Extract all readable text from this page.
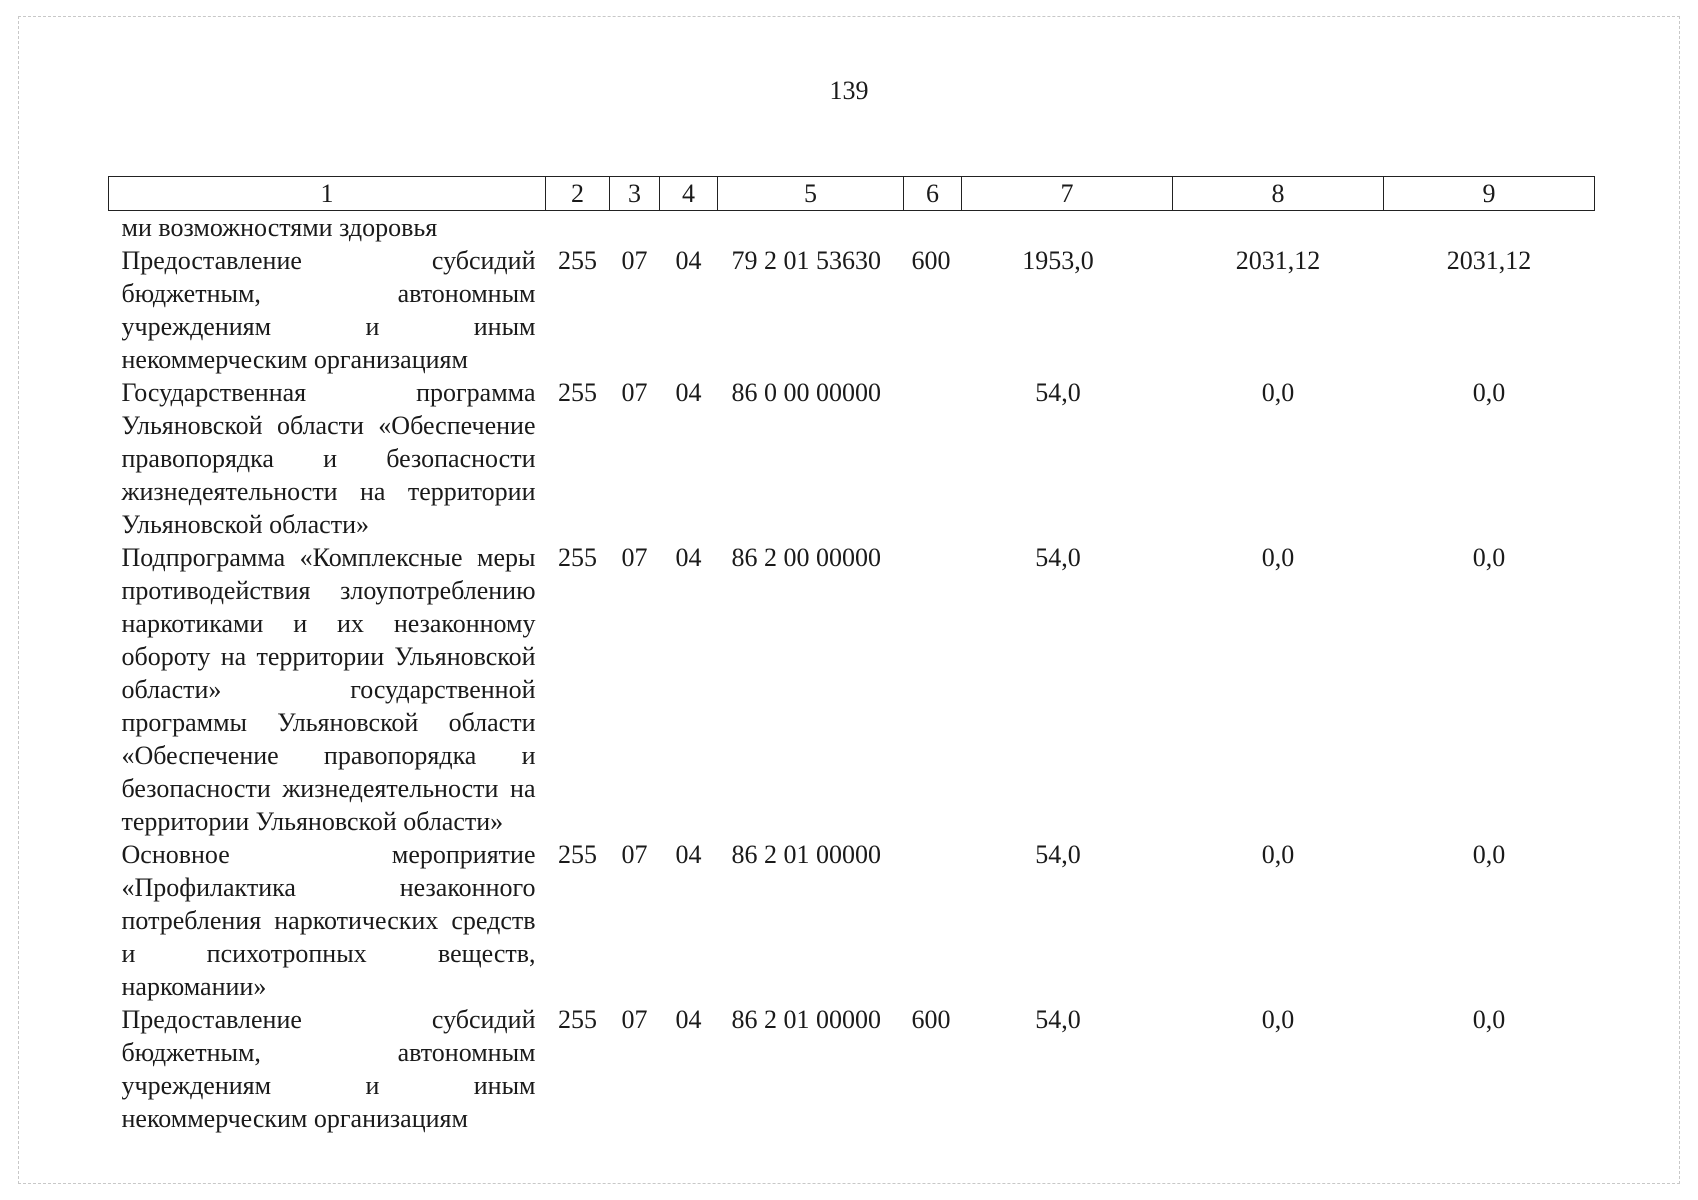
139
1	2	3	4	5	6	7	8	9
ми возможностями здоровья								
Предоставление субсидий бюджетным, автономным учреждениям и иным некоммерческим организациям	255	07	04	79 2 01 53630	600	1953,0	2031,12	2031,12
Государственная программа Ульяновской области «Обеспечение правопорядка и безопасности жизнедеятельности на территории Ульяновской области»	255	07	04	86 0 00 00000		54,0	0,0	0,0
Подпрограмма «Комплексные меры противодействия злоупотреблению наркотиками и их незаконному обороту на территории Ульяновской области» государственной программы Ульяновской области «Обеспечение правопорядка и безопасности жизнедеятельности на территории Ульяновской области»	255	07	04	86 2 00 00000		54,0	0,0	0,0
Основное мероприятие «Профилактика незаконного потребления наркотических средств и психотропных веществ, наркомании»	255	07	04	86 2 01 00000		54,0	0,0	0,0
Предоставление субсидий бюджетным, автономным учреждениям и иным некоммерческим организациям	255	07	04	86 2 01 00000	600	54,0	0,0	0,0
